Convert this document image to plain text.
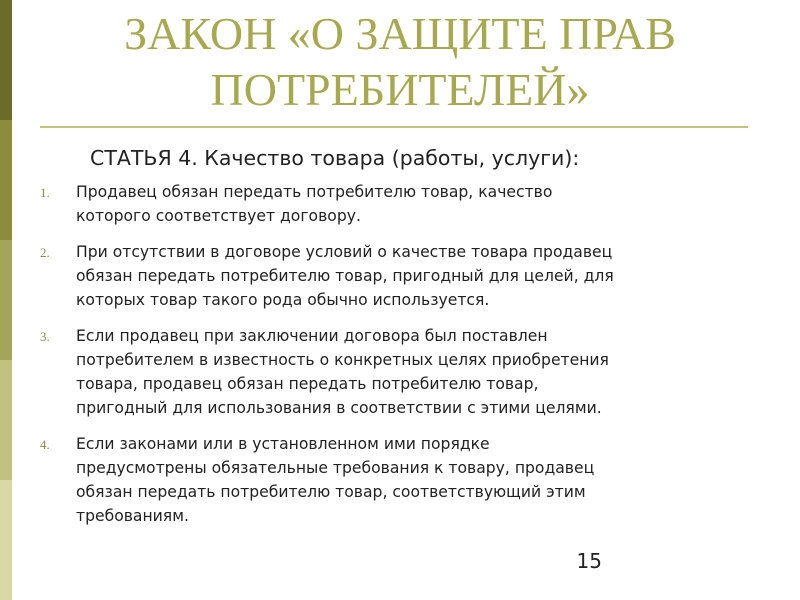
ЗАКОН «О ЗАЩИТЕ ПРАВ
ПОТРЕБИТЕЛЕЙ»

СТАТЬЯ 4. Качество товара (работы, услуги):

1.	Продавец обязан передать потребителю товар, качество
которого соответствует договору.
2.	При отсутствии в договоре условий о качестве товара продавец
обязан передать потребителю товар, пригодный для целей, для
которых товар такого рода обычно используется.
3.	Если продавец при заключении договора был поставлен
потребителем в известность о конкретных целях приобретения
товара, продавец обязан передать потребителю товар,
пригодный для использования в соответствии с этими целями.
4.	Если законами или в установленном ими порядке
предусмотрены обязательные требования к товару, продавец
обязан передать потребителю товар, соответствующий этим
требованиям.
15
